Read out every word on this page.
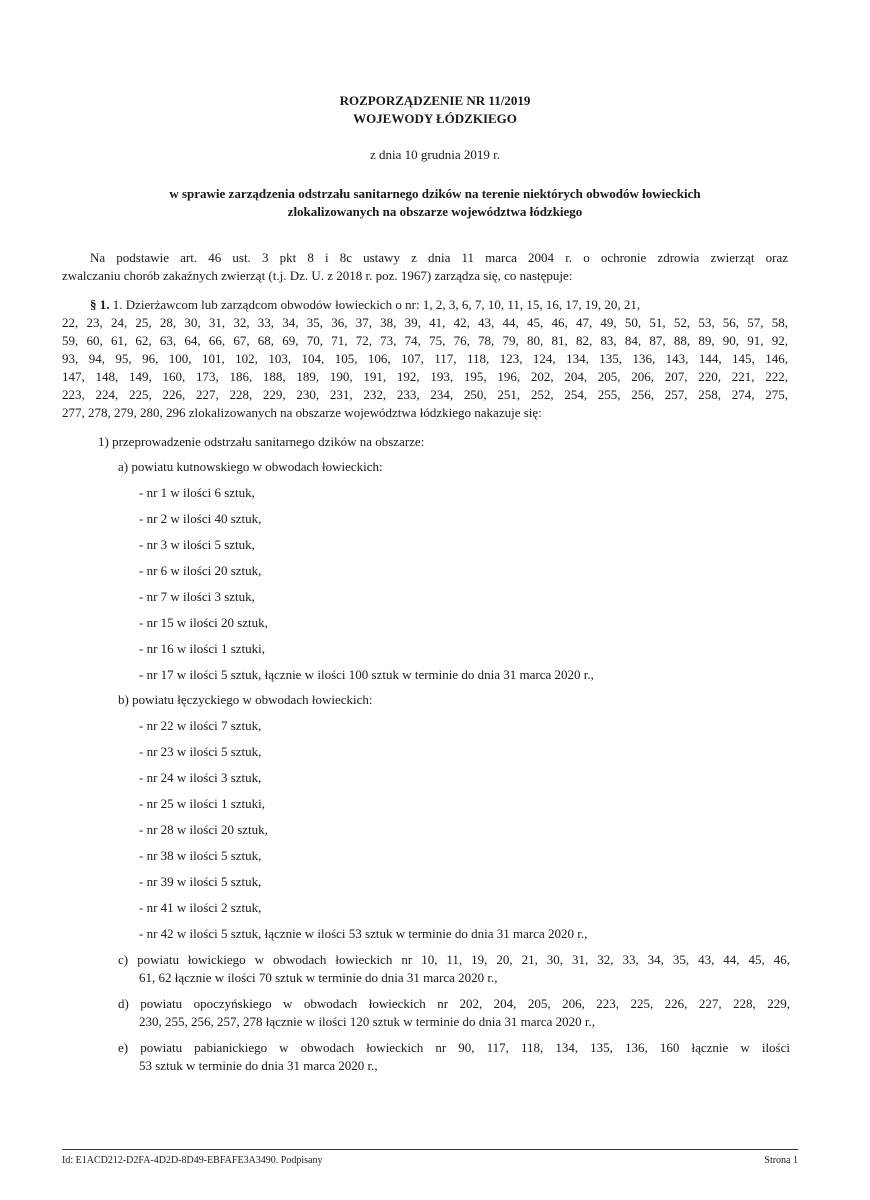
ROZPORZĄDZENIE NR 11/2019
WOJEWODY ŁÓDZKIEGO
z dnia 10 grudnia 2019 r.
w sprawie zarządzenia odstrzału sanitarnego dzików na terenie niektórych obwodów łowieckich
zlokalizowanych na obszarze województwa łódzkiego
Na podstawie art. 46 ust. 3 pkt 8 i 8c ustawy z dnia 11 marca 2004 r. o ochronie zdrowia zwierząt oraz
zwalczaniu chorób zakaźnych zwierząt (t.j. Dz. U. z 2018 r. poz. 1967) zarządza się, co następuje:
§ 1. 1. Dzierżawcom lub zarządcom obwodów łowieckich o nr: 1, 2, 3, 6, 7, 10, 11, 15, 16, 17, 19, 20, 21,
22, 23, 24, 25, 28, 30, 31, 32, 33, 34, 35, 36, 37, 38, 39, 41, 42, 43, 44, 45, 46, 47, 49, 50, 51, 52, 53, 56, 57, 58,
59, 60, 61, 62, 63, 64, 66, 67, 68, 69, 70, 71, 72, 73, 74, 75, 76, 78, 79, 80, 81, 82, 83, 84, 87, 88, 89, 90, 91, 92,
93, 94, 95, 96, 100, 101, 102, 103, 104, 105, 106, 107, 117, 118, 123, 124, 134, 135, 136, 143, 144, 145, 146,
147, 148, 149, 160, 173, 186, 188, 189, 190, 191, 192, 193, 195, 196, 202, 204, 205, 206, 207, 220, 221, 222,
223, 224, 225, 226, 227, 228, 229, 230, 231, 232, 233, 234, 250, 251, 252, 254, 255, 256, 257, 258, 274, 275,
277, 278, 279, 280, 296 zlokalizowanych na obszarze województwa łódzkiego nakazuje się:
1) przeprowadzenie odstrzału sanitarnego dzików na obszarze:
a) powiatu kutnowskiego w obwodach łowieckich:
- nr 1 w ilości 6 sztuk,
- nr 2 w ilości 40 sztuk,
- nr 3 w ilości 5 sztuk,
- nr 6 w ilości 20 sztuk,
- nr 7 w ilości 3 sztuk,
- nr 15 w ilości 20 sztuk,
- nr 16 w ilości 1 sztuki,
- nr 17 w ilości 5 sztuk, łącznie w ilości 100 sztuk w terminie do dnia 31 marca 2020 r.,
b) powiatu łęczyckiego w obwodach łowieckich:
- nr 22 w ilości 7 sztuk,
- nr 23 w ilości 5 sztuk,
- nr 24 w ilości 3 sztuk,
- nr 25 w ilości 1 sztuki,
- nr 28 w ilości 20 sztuk,
- nr 38 w ilości 5 sztuk,
- nr 39 w ilości 5 sztuk,
- nr 41 w ilości 2 sztuk,
- nr 42 w ilości 5 sztuk, łącznie w ilości 53 sztuk w terminie do dnia 31 marca 2020 r.,
c) powiatu łowickiego w obwodach łowieckich nr 10, 11, 19, 20, 21, 30, 31, 32, 33, 34, 35, 43, 44, 45, 46,
61, 62 łącznie w ilości 70 sztuk w terminie do dnia 31 marca 2020 r.,
d) powiatu opoczyńskiego w obwodach łowieckich nr 202, 204, 205, 206, 223, 225, 226, 227, 228, 229,
230, 255, 256, 257, 278 łącznie w ilości 120 sztuk w terminie do dnia 31 marca 2020 r.,
e) powiatu pabianickiego w obwodach łowieckich nr 90, 117, 118, 134, 135, 136, 160 łącznie w ilości
53 sztuk w terminie do dnia 31 marca 2020 r.,
Id: E1ACD212-D2FA-4D2D-8D49-EBFAFE3A3490. Podpisany	Strona 1
